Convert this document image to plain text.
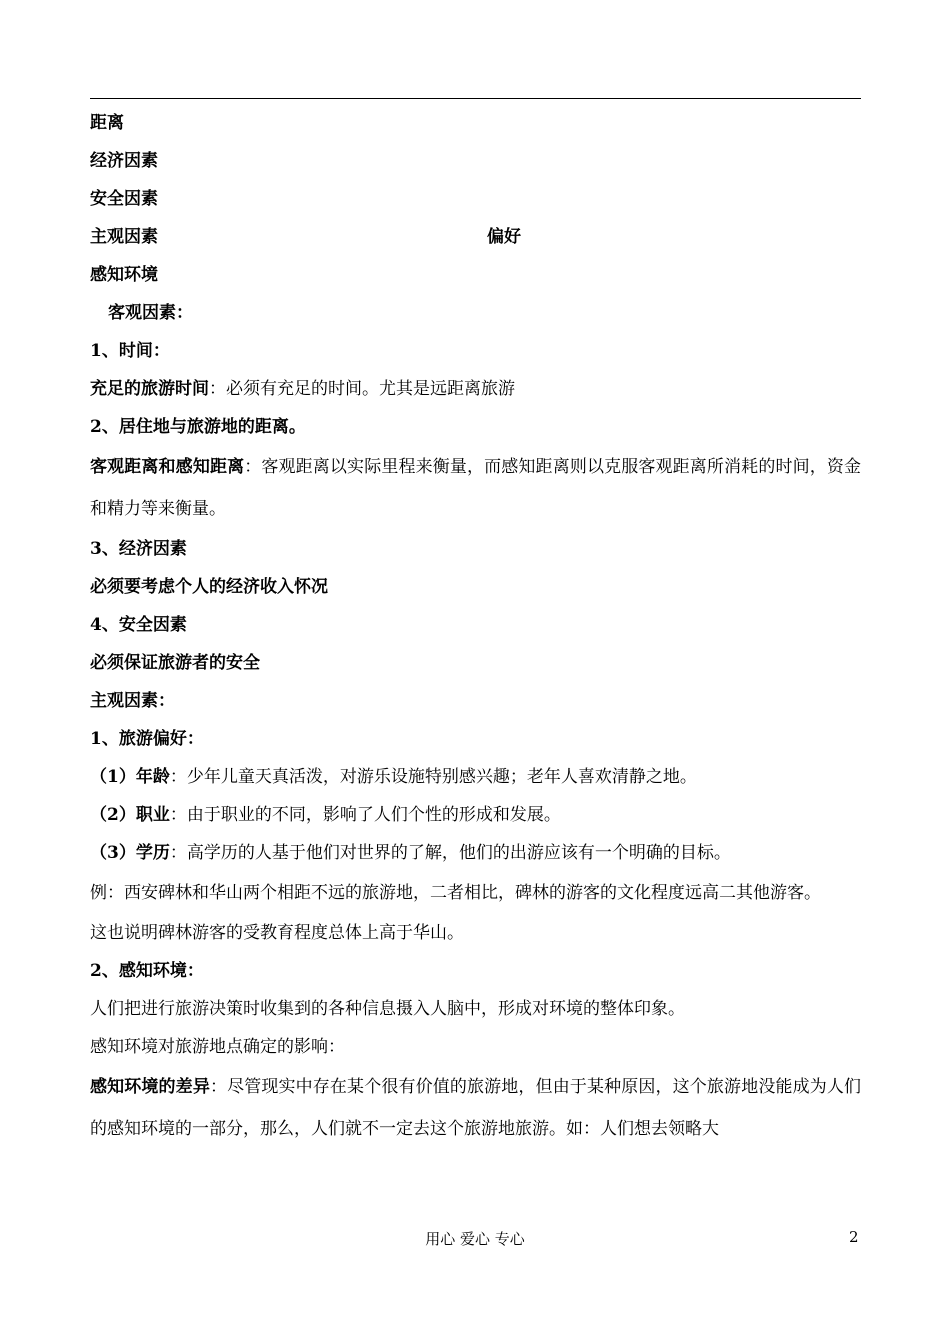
距离
经济因素
安全因素
主观因素	偏好
感知环境
客观因素：
1、时间：
充足的旅游时间：必须有充足的时间。尤其是远距离旅游
2、居住地与旅游地的距离。
客观距离和感知距离：客观距离以实际里程来衡量，而感知距离则以克服客观距离所消耗的时间，资金和精力等来衡量。
3、经济因素
必须要考虑个人的经济收入怀况
4、安全因素
必须保证旅游者的安全
主观因素：
1、旅游偏好：
（1）年龄：少年儿童天真活泼，对游乐设施特别感兴趣；老年人喜欢清静之地。
（2）职业：由于职业的不同，影响了人们个性的形成和发展。
（3）学历：高学历的人基于他们对世界的了解，他们的出游应该有一个明确的目标。
例：西安碑林和华山两个相距不远的旅游地，二者相比，碑林的游客的文化程度远高二其他游客。
这也说明碑林游客的受教育程度总体上高于华山。
2、感知环境：
人们把进行旅游决策时收集到的各种信息摄入人脑中，形成对环境的整体印象。
感知环境对旅游地点确定的影响：
感知环境的差异：尽管现实中存在某个很有价值的旅游地，但由于某种原因，这个旅游地没能成为人们的感知环境的一部分，那么，人们就不一定去这个旅游地旅游。如：人们想去领略大
用心 爱心 专心	2
